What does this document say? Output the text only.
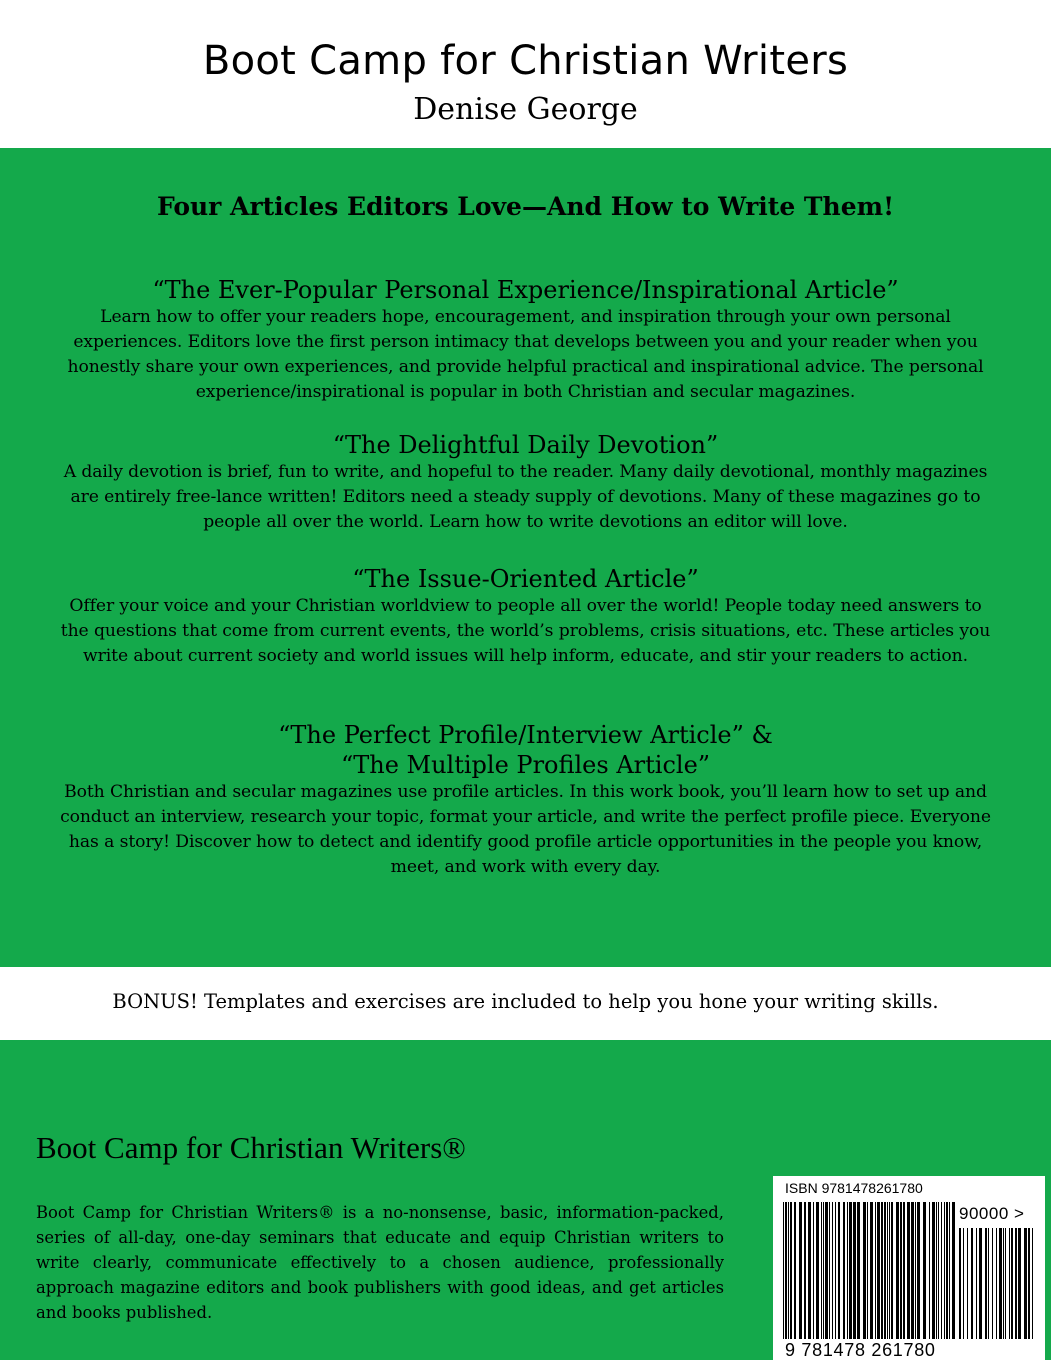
Boot Camp for Christian Writers
Denise George
Four Articles Editors Love—And How to Write Them!
“The Ever-Popular Personal Experience/Inspirational Article”
Learn how to offer your readers hope, encouragement, and inspiration through your own personal experiences. Editors love the first person intimacy that develops between you and your reader when you honestly share your own experiences, and provide helpful practical and inspirational advice. The personal experience/inspirational is popular in both Christian and secular magazines.
“The Delightful Daily Devotion”
A daily devotion is brief, fun to write, and hopeful to the reader. Many daily devotional, monthly magazines are entirely free-lance written! Editors need a steady supply of devotions. Many of these magazines go to people all over the world. Learn how to write devotions an editor will love.
“The Issue-Oriented Article”
Offer your voice and your Christian worldview to people all over the world! People today need answers to the questions that come from current events, the world’s problems, crisis situations, etc. These articles you write about current society and world issues will help inform, educate, and stir your readers to action.
“The Perfect Profile/Interview Article” &
“The Multiple Profiles Article”
Both Christian and secular magazines use profile articles. In this work book, you’ll learn how to set up and conduct an interview, research your topic, format your article, and write the perfect profile piece. Everyone has a story! Discover how to detect and identify good profile article opportunities in the people you know, meet, and work with every day.
BONUS! Templates and exercises are included to help you hone your writing skills.
Boot Camp for Christian Writers®
Boot Camp for Christian Writers® is a no-nonsense, basic, information-packed, series of all-day, one-day seminars that educate and equip Christian writers to write clearly, communicate effectively to a chosen audience, professionally approach magazine editors and book publishers with good ideas, and get articles and books published.
ISBN 9781478261780
90000 >
9 781478 261780
